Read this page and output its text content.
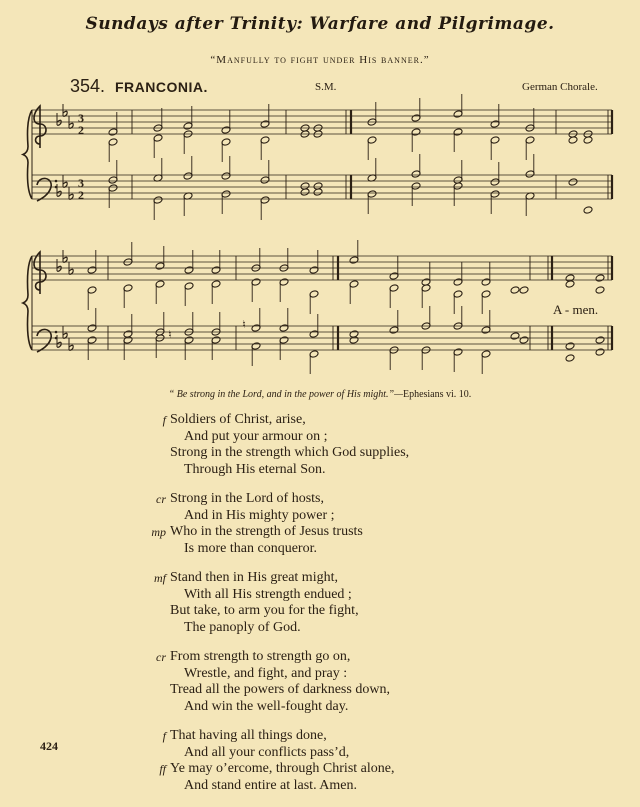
Sundays after Trinity: Warfare and Pilgrimage.
“Manfully to fight under His banner.”
354. FRANCONIA.	S.M.	German Chorale.
3
2
3
2
♮
♮
A - men.
“ Be strong in the Lord, and in the power of His might.”—Ephesians vi. 10.
f Soldiers of Christ, arise,
And put your armour on ;
Strong in the strength which God supplies,
Through His eternal Son.
cr Strong in the Lord of hosts,
And in His mighty power ;
mp Who in the strength of Jesus trusts
Is more than conqueror.
mf Stand then in His great might,
With all His strength endued ;
But take, to arm you for the fight,
The panoply of God.
cr From strength to strength go on,
Wrestle, and fight, and pray :
Tread all the powers of darkness down,
And win the well-fought day.
f That having all things done,
And all your conflicts pass’d,
ff Ye may o’ercome, through Christ alone,
And stand entire at last. Amen.
424
